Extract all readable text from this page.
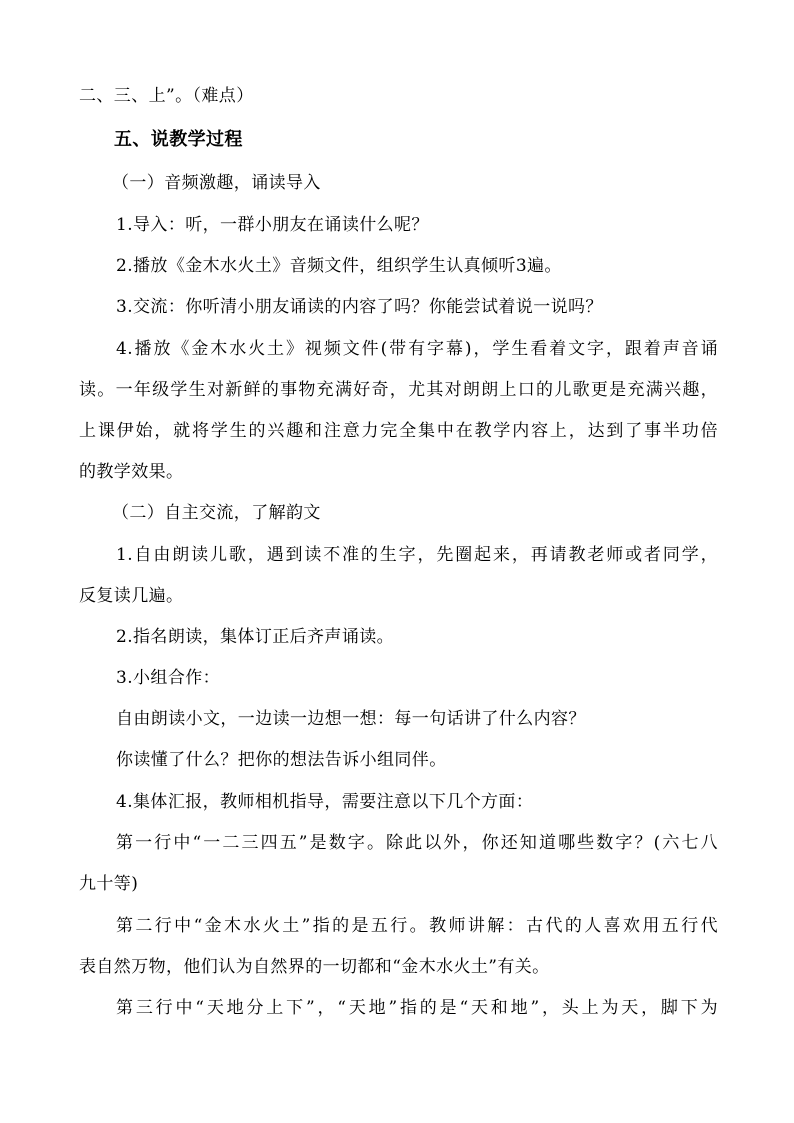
二、三、上”。（难点）
五、说教学过程
（一）音频激趣，诵读导入
1.导入：听，一群小朋友在诵读什么呢？
2.播放《金木水火土》音频文件，组织学生认真倾听3遍。
3.交流：你听清小朋友诵读的内容了吗？你能尝试着说一说吗？
4.播放《金木水火土》视频文件(带有字幕)，学生看着文字，跟着声音诵
读。一年级学生对新鲜的事物充满好奇，尤其对朗朗上口的儿歌更是充满兴趣，
上课伊始，就将学生的兴趣和注意力完全集中在教学内容上，达到了事半功倍
的教学效果。
（二）自主交流，了解韵文
1.自由朗读儿歌，遇到读不准的生字，先圈起来，再请教老师或者同学，
反复读几遍。
2.指名朗读，集体订正后齐声诵读。
3.小组合作：
自由朗读小文，一边读一边想一想：每一句话讲了什么内容？
你读懂了什么？把你的想法告诉小组同伴。
4.集体汇报，教师相机指导，需要注意以下几个方面：
第一行中“一二三四五”是数字。除此以外，你还知道哪些数字？(六七八
九十等)
第二行中“金木水火土”指的是五行。教师讲解：古代的人喜欢用五行代
表自然万物，他们认为自然界的一切都和“金木水火土”有关。
第三行中“天地分上下”，“天地”指的是“天和地”，头上为天，脚下为
